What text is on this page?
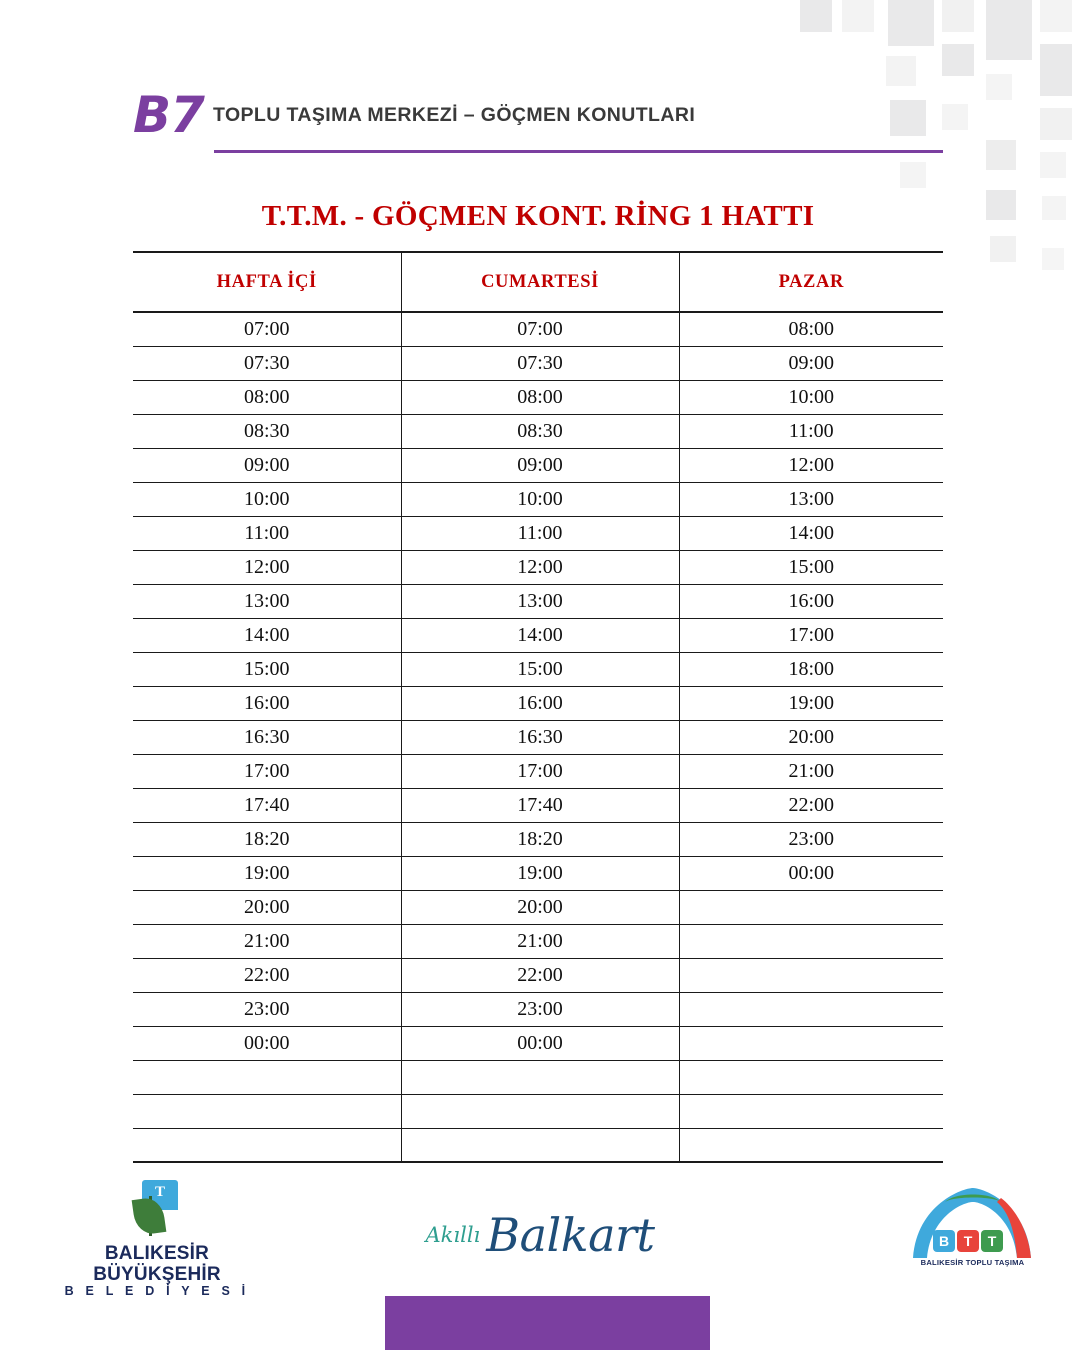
B7 TOPLU TAŞIMA MERKEZİ – GÖÇMEN KONUTLARI
T.T.M. - GÖÇMEN KONT. RİNG 1 HATTI
HAFTA İÇİ	CUMARTESİ	PAZAR
07:00	07:00	08:00
07:30	07:30	09:00
08:00	08:00	10:00
08:30	08:30	11:00
09:00	09:00	12:00
10:00	10:00	13:00
11:00	11:00	14:00
12:00	12:00	15:00
13:00	13:00	16:00
14:00	14:00	17:00
15:00	15:00	18:00
16:00	16:00	19:00
16:30	16:30	20:00
17:00	17:00	21:00
17:40	17:40	22:00
18:20	18:20	23:00
19:00	19:00	00:00
20:00	20:00	
21:00	21:00	
22:00	22:00	
23:00	23:00	
00:00	00:00	

T
BALIKESİR
BÜYÜKŞEHİR
B E L E D İ Y E S İ
Akıllı Balkart	B T T
BALIKESİR TOPLU TAŞIMA
